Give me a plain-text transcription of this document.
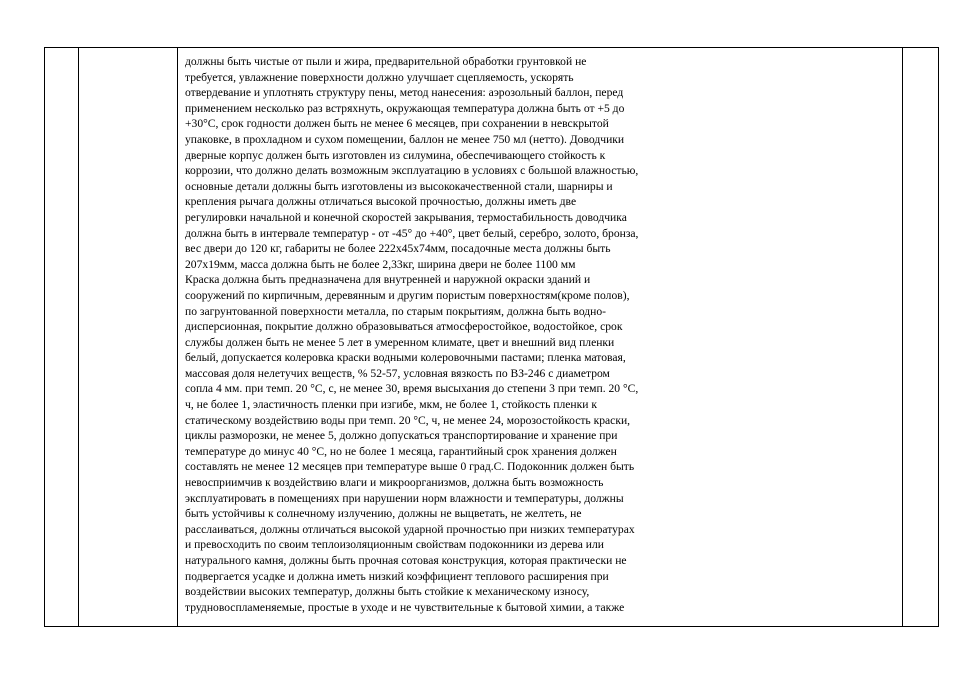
должны быть чистые от пыли и жира, предварительной обработки грунтовкой не
требуется, увлажнение поверхности должно улучшает сцепляемость, ускорять
отвердевание и уплотнять структуру пены, метод нанесения: аэрозольный баллон, перед
применением несколько раз встряхнуть, окружающая температура должна быть от +5 до
+30°С, срок годности должен быть не менее 6 месяцев, при сохранении в невскрытой
упаковке, в прохладном и сухом помещении, баллон не менее 750 мл (нетто). Доводчики
дверные корпус должен быть изготовлен из силумина, обеспечивающего стойкость к
коррозии, что должно делать возможным эксплуатацию в условиях с большой влажностью,
основные детали должны быть изготовлены из высококачественной стали, шарниры и
крепления рычага должны отличаться высокой прочностью, должны иметь две
регулировки начальной и конечной скоростей закрывания, термостабильность доводчика
должна быть в интервале температур - от -45° до +40°, цвет белый, серебро, золото, бронза,
вес двери до 120 кг, габариты не более 222х45х74мм, посадочные места должны быть
207х19мм, масса должна быть не более 2,33кг, ширина двери не более 1100 мм
Краска должна быть предназначена для внутренней и наружной окраски зданий и
сооружений по кирпичным, деревянным и другим пористым поверхностям(кроме полов),
по загрунтованной поверхности металла, по старым покрытиям, должна быть водно-
дисперсионная, покрытие должно образовываться атмосферостойкое, водостойкое, срок
службы должен быть не менее 5 лет в умеренном климате, цвет и внешний вид пленки
белый, допускается колеровка краски водными колеровочными пастами; пленка матовая,
массовая доля нелетучих веществ, % 52-57, условная вязкость по ВЗ-246 с диаметром
сопла 4 мм. при темп. 20 °С, с, не менее 30, время высыхания до степени 3 при темп. 20 °С,
ч, не более 1, эластичность пленки при изгибе, мкм, не более 1, стойкость пленки к
статическому воздействию воды при темп. 20 °С, ч, не менее 24, морозостойкость краски,
циклы разморозки, не менее 5, должно допускаться транспортирование и хранение при
температуре до минус 40 °С, но не более 1 месяца, гарантийный срок хранения должен
составлять не менее 12 месяцев при температуре выше 0 град.С. Подоконник должен быть
невосприимчив к воздействию влаги и микроорганизмов, должна быть возможность
эксплуатировать в помещениях при нарушении норм влажности и температуры, должны
быть устойчивы к солнечному излучению, должны не выцветать, не желтеть, не
расслаиваться, должны отличаться высокой ударной прочностью при низких температурах
и превосходить по своим теплоизоляционным свойствам подоконники из дерева или
натурального камня, должны быть прочная сотовая конструкция, которая практически не
подвергается усадке и должна иметь низкий коэффициент теплового расширения при
воздействии высоких температур, должны быть стойкие к механическому износу,
трудновоспламеняемые, простые в уходе и не чувствительные к бытовой химии, а также
